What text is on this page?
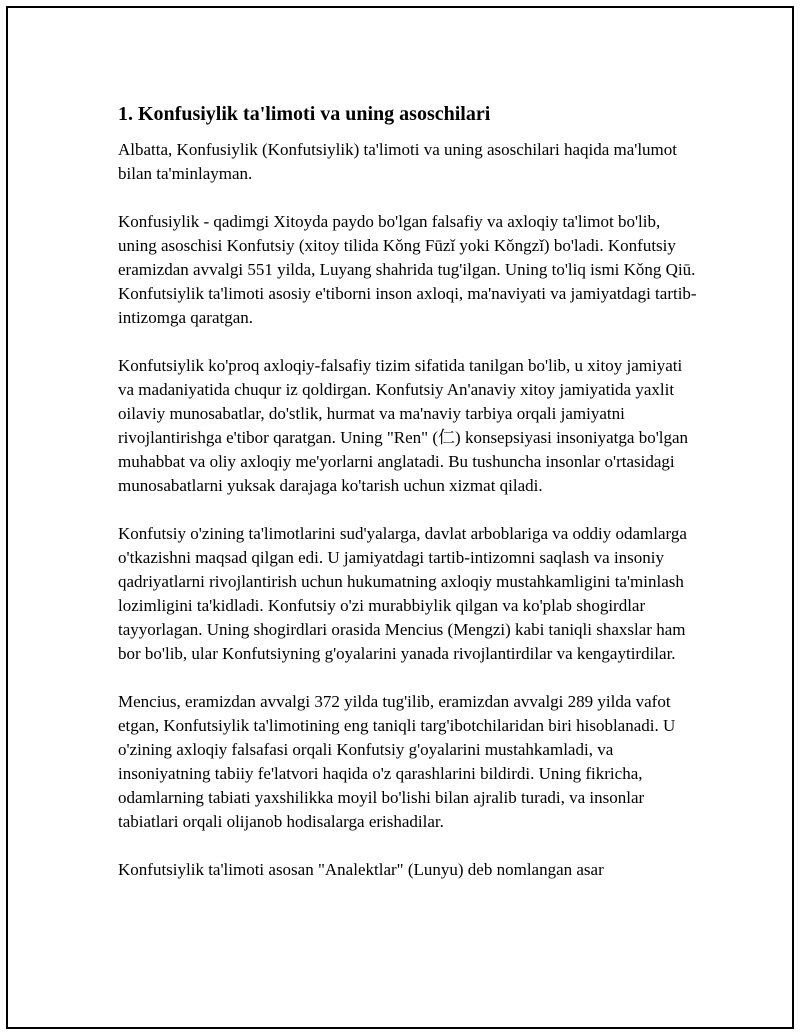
1. Konfusiylik ta'limoti va uning asoschilari

Albatta, Konfusiylik (Konfutsiylik) ta'limoti va uning asoschilari haqida ma'lumot bilan ta'minlayman.

Konfusiylik - qadimgi Xitoyda paydo bo'lgan falsafiy va axloqiy ta'limot bo'lib, uning asoschisi Konfutsiy (xitoy tilida Kǒng Fūzǐ yoki Kǒngzǐ) bo'ladi. Konfutsiy eramizdan avvalgi 551 yilda, Luyang shahrida tug'ilgan. Uning to'liq ismi Kǒng Qiū. Konfutsiylik ta'limoti asosiy e'tiborni inson axloqi, ma'naviyati va jamiyatdagi tartib-intizomga qaratgan.

Konfutsiylik ko'proq axloqiy-falsafiy tizim sifatida tanilgan bo'lib, u xitoy jamiyati va madaniyatida chuqur iz qoldirgan. Konfutsiy An'anaviy xitoy jamiyatida yaxlit oilaviy munosabatlar, do'stlik, hurmat va ma'naviy tarbiya orqali jamiyatni rivojlantirishga e'tibor qaratgan. Uning "Ren" (仁) konsepsiyasi insoniyatga bo'lgan muhabbat va oliy axloqiy me'yorlarni anglatadi. Bu tushuncha insonlar o'rtasidagi munosabatlarni yuksak darajaga ko'tarish uchun xizmat qiladi.

Konfutsiy o'zining ta'limotlarini sud'yalarga, davlat arboblariga va oddiy odamlarga o'tkazishni maqsad qilgan edi. U jamiyatdagi tartib-intizomni saqlash va insoniy qadriyatlarni rivojlantirish uchun hukumatning axloqiy mustahkamligini ta'minlash lozimligini ta'kidladi. Konfutsiy o'zi murabbiylik qilgan va ko'plab shogirdlar tayyorlagan. Uning shogirdlari orasida Mencius (Mengzi) kabi taniqli shaxslar ham bor bo'lib, ular Konfutsiyning g'oyalarini yanada rivojlantirdilar va kengaytirdilar.

Mencius, eramizdan avvalgi 372 yilda tug'ilib, eramizdan avvalgi 289 yilda vafot etgan, Konfutsiylik ta'limotining eng taniqli targ'ibotchilaridan biri hisoblanadi. U o'zining axloqiy falsafasi orqali Konfutsiy g'oyalarini mustahkamladi, va insoniyatning tabiiy fe'latvori haqida o'z qarashlarini bildirdi. Uning fikricha, odamlarning tabiati yaxshilikka moyil bo'lishi bilan ajralib turadi, va insonlar tabiatlari orqali olijanob hodisalarga erishadilar.

Konfutsiylik ta'limoti asosan "Analektlar" (Lunyu) deb nomlangan asar
